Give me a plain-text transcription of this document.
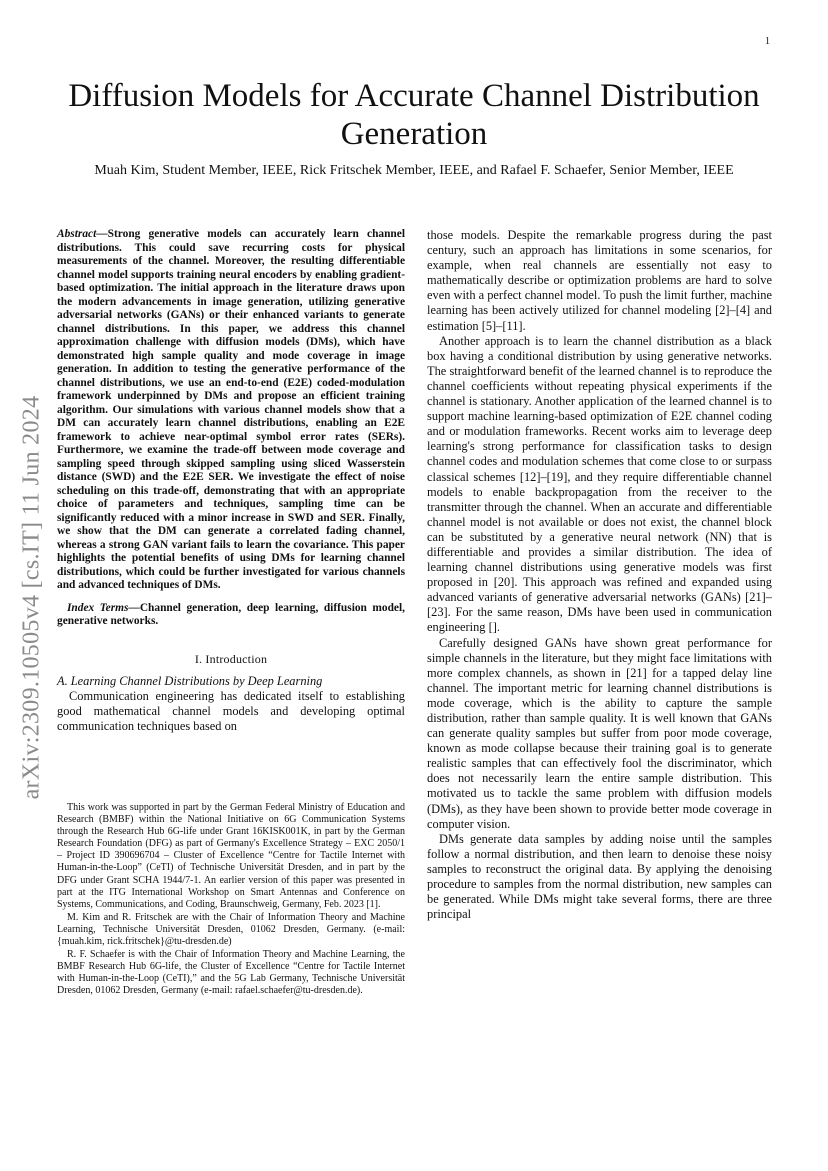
1
arXiv:2309.10505v4 [cs.IT] 11 Jun 2024
Diffusion Models for Accurate Channel Distribution Generation
Muah Kim, Student Member, IEEE, Rick Fritschek Member, IEEE, and Rafael F. Schaefer, Senior Member, IEEE

Abstract—Strong generative models can accurately learn channel distributions. This could save recurring costs for physical measurements of the channel. Moreover, the resulting differentiable channel model supports training neural encoders by enabling gradient-based optimization. The initial approach in the literature draws upon the modern advancements in image generation, utilizing generative adversarial networks (GANs) or their enhanced variants to generate channel distributions. In this paper, we address this channel approximation challenge with diffusion models (DMs), which have demonstrated high sample quality and mode coverage in image generation. In addition to testing the generative performance of the channel distributions, we use an end-to-end (E2E) coded-modulation framework underpinned by DMs and propose an efficient training algorithm. Our simulations with various channel models show that a DM can accurately learn channel distributions, enabling an E2E framework to achieve near-optimal symbol error rates (SERs). Furthermore, we examine the trade-off between mode coverage and sampling speed through skipped sampling using sliced Wasserstein distance (SWD) and the E2E SER. We investigate the effect of noise scheduling on this trade-off, demonstrating that with an appropriate choice of parameters and techniques, sampling time can be significantly reduced with a minor increase in SWD and SER. Finally, we show that the DM can generate a correlated fading channel, whereas a strong GAN variant fails to learn the covariance. This paper highlights the potential benefits of using DMs for learning channel distributions, which could be further investigated for various channels and advanced techniques of DMs.

Index Terms—Channel generation, deep learning, diffusion model, generative networks.

I. Introduction
A. Learning Channel Distributions by Deep Learning

Communication engineering has dedicated itself to establishing good mathematical channel models and developing optimal communication techniques based on

This work was supported in part by the German Federal Ministry of Education and Research (BMBF) within the National Initiative on 6G Communication Systems through the Research Hub 6G-life under Grant 16KISK001K, in part by the German Research Foundation (DFG) as part of Germany's Excellence Strategy – EXC 2050/1 – Project ID 390696704 – Cluster of Excellence “Centre for Tactile Internet with Human-in-the-Loop” (CeTI) of Technische Universität Dresden, and in part by the DFG under Grant SCHA 1944/7-1. An earlier version of this paper was presented in part at the ITG International Workshop on Smart Antennas and Conference on Systems, Communications, and Coding, Braunschweig, Germany, Feb. 2023 [1].

M. Kim and R. Fritschek are with the Chair of Information Theory and Machine Learning, Technische Universität Dresden, 01062 Dresden, Germany. (e-mail: {muah.kim, rick.fritschek}@tu-dresden.de)

R. F. Schaefer is with the Chair of Information Theory and Machine Learning, the BMBF Research Hub 6G-life, the Cluster of Excellence “Centre for Tactile Internet with Human-in-the-Loop (CeTI),” and the 5G Lab Germany, Technische Universität Dresden, 01062 Dresden, Germany (e-mail: rafael.schaefer@tu-dresden.de).

those models. Despite the remarkable progress during the past century, such an approach has limitations in some scenarios, for example, when real channels are essentially not easy to mathematically describe or optimization problems are hard to solve even with a perfect channel model. To push the limit further, machine learning has been actively utilized for channel modeling [2]–[4] and estimation [5]–[11].

Another approach is to learn the channel distribution as a black box having a conditional distribution by using generative networks. The straightforward benefit of the learned channel is to reproduce the channel coefficients without repeating physical experiments if the channel is stationary. Another application of the learned channel is to support machine learning-based optimization of E2E channel coding and or modulation frameworks. Recent works aim to leverage deep learning's strong performance for classification tasks to design channel codes and modulation schemes that come close to or surpass classical schemes [12]–[19], and they require differentiable channel models to enable backpropagation from the receiver to the transmitter through the channel. When an accurate and differentiable channel model is not available or does not exist, the channel block can be substituted by a generative neural network (NN) that is differentiable and provides a similar distribution. The idea of learning channel distributions using generative models was first proposed in [20]. This approach was refined and expanded using advanced variants of generative adversarial networks (GANs) [21]–[23]. For the same reason, DMs have been used in communication engineering [].

Carefully designed GANs have shown great performance for simple channels in the literature, but they might face limitations with more complex channels, as shown in [21] for a tapped delay line channel. The important metric for learning channel distributions is mode coverage, which is the ability to capture the sample distribution, rather than sample quality. It is well known that GANs can generate quality samples but suffer from poor mode coverage, known as mode collapse because their training goal is to generate realistic samples that can effectively fool the discriminator, which does not necessarily learn the entire sample distribution. This motivated us to tackle the same problem with diffusion models (DMs), as they have been shown to provide better mode coverage in computer vision.

DMs generate data samples by adding noise until the samples follow a normal distribution, and then learn to denoise these noisy samples to reconstruct the original data. By applying the denoising procedure to samples from the normal distribution, new samples can be generated. While DMs might take several forms, there are three principal
